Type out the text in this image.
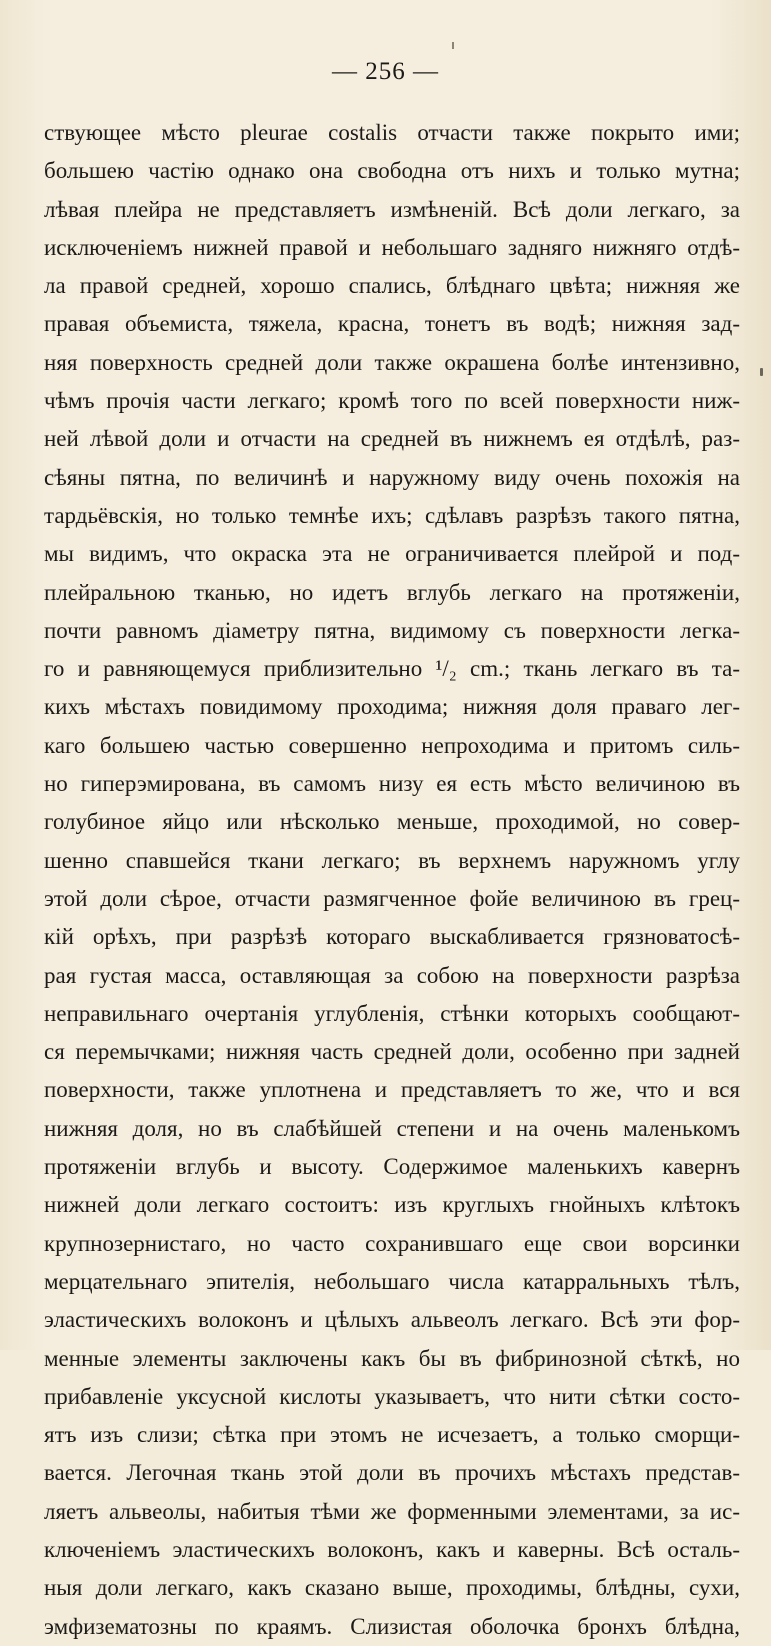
— 256 —
ствующее мѣсто pleurae costalis отчасти также покрыто ими;
большею частію однако она свободна отъ нихъ и только мутна;
лѣвая плейра не представляетъ измѣненій. Всѣ доли легкаго, за
исключеніемъ нижней правой и небольшаго задняго нижняго отдѣ-
ла правой средней, хорошо спались, блѣднаго цвѣта; нижняя же
правая объемиста, тяжела, красна, тонетъ въ водѣ; нижняя зад-
няя поверхность средней доли также окрашена болѣе интензивно,
чѣмъ прочія части легкаго; кромѣ того по всей поверхности ниж-
ней лѣвой доли и отчасти на средней въ нижнемъ ея отдѣлѣ, раз-
сѣяны пятна, по величинѣ и наружному виду очень похожія на
тардьёвскія, но только темнѣе ихъ; сдѣлавъ разрѣзъ такого пятна,
мы видимъ, что окраска эта не ограничивается плейрой и под-
плейральною тканью, но идетъ вглубь легкаго на протяженіи,
почти равномъ діаметру пятна, видимому съ поверхности легка-
го и равняющемуся приблизительно ¹/₂ cm.; ткань легкаго въ та-
кихъ мѣстахъ повидимому проходима; нижняя доля праваго лег-
каго большею частью совершенно непроходима и притомъ силь-
но гиперэмирована, въ самомъ низу ея есть мѣсто величиною въ
голубиное яйцо или нѣсколько меньше, проходимой, но совер-
шенно спавшейся ткани легкаго; въ верхнемъ наружномъ углу
этой доли сѣрое, отчасти размягченное фойе величиною въ грец-
кій орѣхъ, при разрѣзѣ котораго выскабливается грязноватосѣ-
рая густая масса, оставляющая за собою на поверхности разрѣза
неправильнаго очертанія углубленія, стѣнки которыхъ сообщают-
ся перемычками; нижняя часть средней доли, особенно при задней
поверхности, также уплотнена и представляетъ то же, что и вся
нижняя доля, но въ слабѣйшей степени и на очень маленькомъ
протяженіи вглубь и высоту. Содержимое маленькихъ кавернъ
нижней доли легкаго состоитъ: изъ круглыхъ гнойныхъ клѣтокъ
крупнозернистаго, но часто сохранившаго еще свои ворсинки
мерцательнаго эпителія, небольшаго числа катарральныхъ тѣлъ,
эластическихъ волоконъ и цѣлыхъ альвеолъ легкаго. Всѣ эти фор-
менные элементы заключены какъ бы въ фибринозной сѣткѣ, но
прибавленіе уксусной кислоты указываетъ, что нити сѣтки состо-
ятъ изъ слизи; сѣтка при этомъ не исчезаетъ, а только сморщи-
вается. Легочная ткань этой доли въ прочихъ мѣстахъ представ-
ляетъ альвеолы, набитыя тѣми же форменными элементами, за ис-
ключеніемъ эластическихъ волоконъ, какъ и каверны. Всѣ осталь-
ныя доли легкаго, какъ сказано выше, проходимы, блѣдны, сухи,
эмфизематозны по краямъ. Слизистая оболочка бронхъ блѣдна,
